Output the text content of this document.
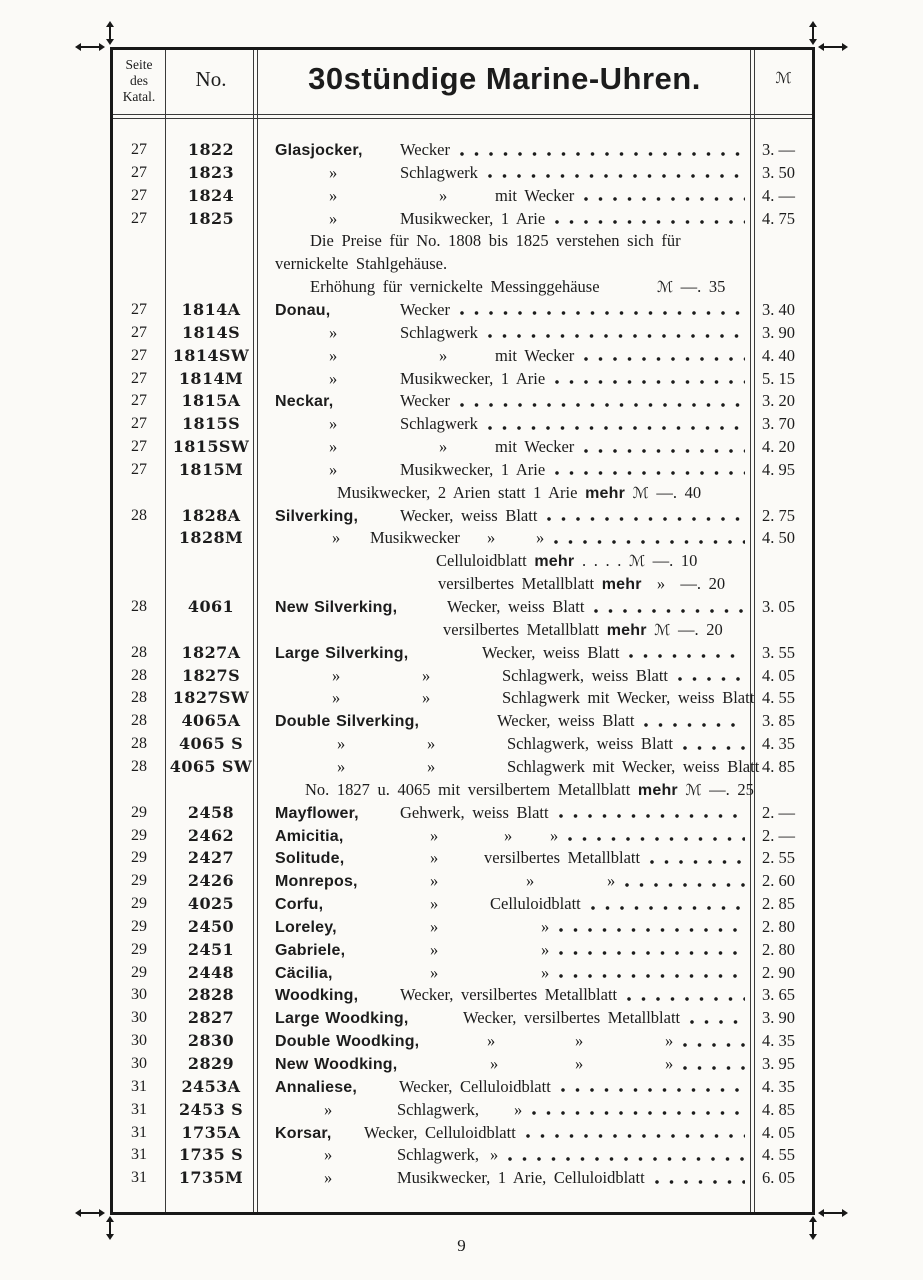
Seite
des
Katal.
No.	30stündige Marine-Uhren.	ℳ
27	1822	Glasjocker, Wecker	3. —
27	1823	»	Schlagwerk	3. 50
27	1824	»	»	mit Wecker	4. —
27	1825	»	Musikwecker, 1 Arie	4. 75
Die Preise für No. 1808 bis 1825 verstehen sich für
vernickelte Stahlgehäuse.
Erhöhung für vernickelte Messinggehäuse	ℳ —. 35
27	1814A	Donau,	Wecker	3. 40
27	1814S	»	Schlagwerk	3. 90
27	1814SW	»	»	mit Wecker	4. 40
27	1814M	»	Musikwecker, 1 Arie	5. 15
27	1815A	Neckar,	Wecker	3. 20
27	1815S	»	Schlagwerk	3. 70
27	1815SW	»	»	mit Wecker	4. 20
27	1815M	»	Musikwecker, 1 Arie	4. 95
Musikwecker, 2 Arien statt 1 Arie mehr ℳ —. 40
28	1828A	Silverking,	Wecker, weiss Blatt	2. 75
1828M	» Musikwecker » »	4. 50
Celluloidblatt mehr . . . . ℳ —. 10
versilbertes Metallblatt mehr  »  —. 20
28	4061	New Silverking,	Wecker, weiss Blatt	3. 05
versilbertes Metallblatt mehr ℳ —. 20
28	1827A	Large Silverking,	Wecker, weiss Blatt	3. 55
28	1827S	»	»	Schlagwerk, weiss Blatt	4. 05
28	1827SW	»	»	Schlagwerk mit Wecker, weiss Blatt 4. 55
28	4065A	Double Silverking,	Wecker, weiss Blatt	3. 85
28	4065 S	»	»	Schlagwerk, weiss Blatt	4. 35
28	4065 SW	»	»	Schlagwerk mit Wecker, weiss Blatt 4. 85
No. 1827 u. 4065 mit versilbertem Metallblatt mehr ℳ —. 25
29	2458	Mayflower, Gehwerk, weiss Blatt	2. —
29	2462	Amicitia,	»	» »	2. —
29	2427	Solitude,	»	versilbertes Metallblatt	2. 55
29	2426	Monrepos,	»	»	»	2. 60
29	4025	Corfu,	»	Celluloidblatt	2. 85
29	2450	Loreley,	»	»	2. 80
29	2451	Gabriele,	»	»	2. 80
29	2448	Cäcilia,	»	»	2. 90
30	2828	Woodking,	Wecker, versilbertes Metallblatt	3. 65
30	2827	Large Woodking,	Wecker, versilbertes Metallblatt	3. 90
30	2830	Double Woodking,	»	»	»	4. 35
30	2829	New Woodking,	»	»	»	3. 95
31	2453A	Annaliese,	Wecker, Celluloidblatt	4. 35
31	2453 S	»	Schlagwerk, »	4. 85
31	1735A	Korsar, Wecker, Celluloidblatt	4. 05
31	1735 S	»	Schlagwerk, »	4. 55
31	1735M	»	Musikwecker, 1 Arie, Celluloidblatt	6. 05
9
